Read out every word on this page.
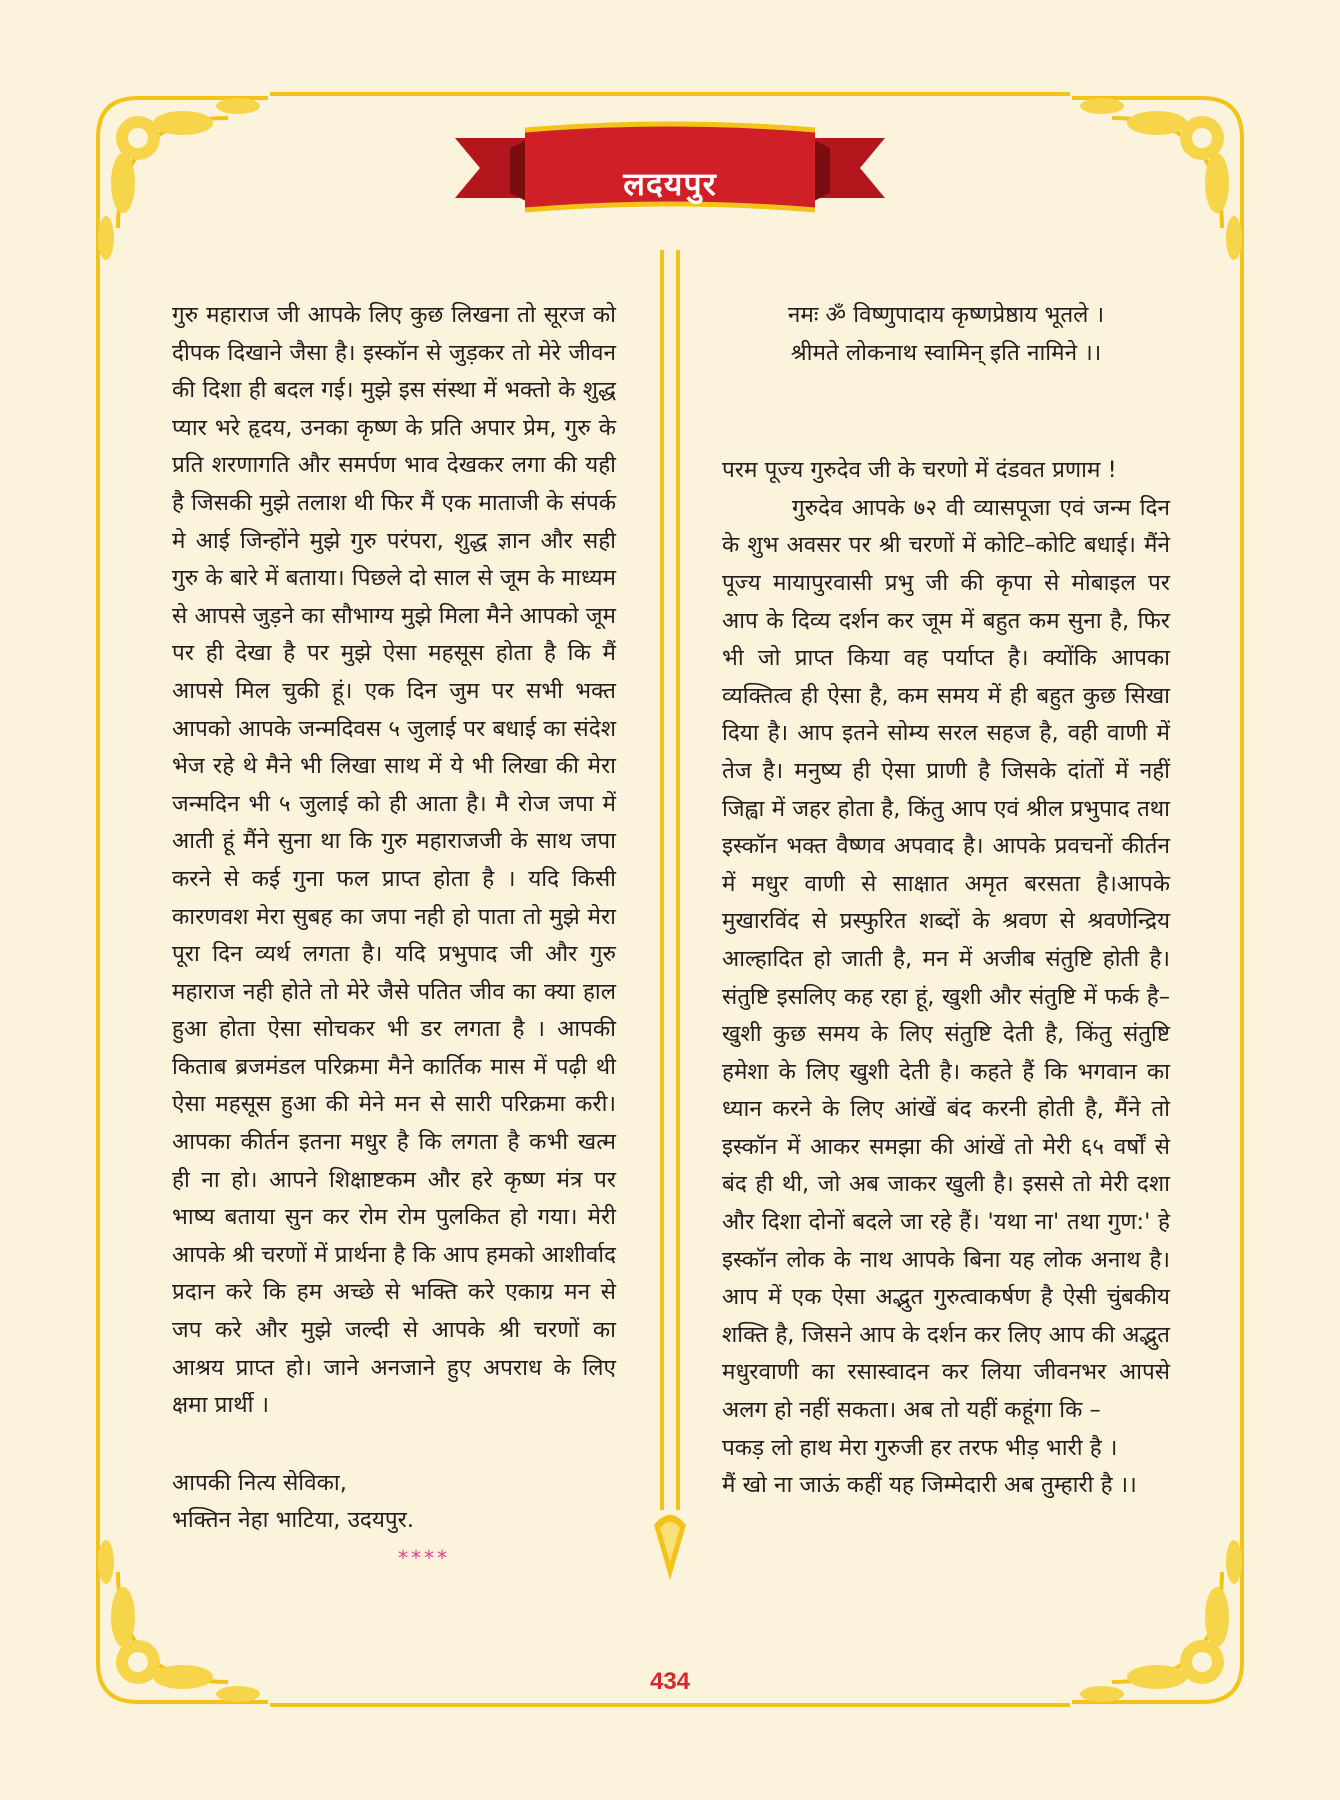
लदयपुर

गुरु महाराज जी आपके लिए कुछ लिखना तो सूरज को दीपक दिखाने जैसा है। इस्कॉन से जुड़कर तो मेरे जीवन की दिशा ही बदल गई। मुझे इस संस्था में भक्तो के शुद्ध प्यार भरे हृदय, उनका कृष्ण के प्रति अपार प्रेम, गुरु के प्रति शरणागति और समर्पण भाव देखकर लगा की यही है जिसकी मुझे तलाश थी फिर मैं एक माताजी के संपर्क मे आई जिन्होंने मुझे गुरु परंपरा, शुद्ध ज्ञान और सही गुरु के बारे में बताया। पिछले दो साल से जूम के माध्यम से आपसे जुड़ने का सौभाग्य मुझे मिला मैने आपको जूम पर ही देखा है पर मुझे ऐसा महसूस होता है कि मैं आपसे मिल चुकी हूं। एक दिन जुम पर सभी भक्त आपको आपके जन्मदिवस ५ जुलाई पर बधाई का संदेश भेज रहे थे मैने भी लिखा साथ में ये भी लिखा की मेरा जन्मदिन भी ५ जुलाई को ही आता है। मै रोज जपा में आती हूं मैंने सुना था कि गुरु महाराजजी के साथ जपा करने से कई गुना फल प्राप्त होता है । यदि किसी कारणवश मेरा सुबह का जपा नही हो पाता तो मुझे मेरा पूरा दिन व्यर्थ लगता है। यदि प्रभुपाद जी और गुरु महाराज नही होते तो मेरे जैसे पतित जीव का क्या हाल हुआ होता ऐसा सोचकर भी डर लगता है । आपकी किताब ब्रजमंडल परिक्रमा मैने कार्तिक मास में पढ़ी थी ऐसा महसूस हुआ की मेने मन से सारी परिक्रमा करी। आपका कीर्तन इतना मधुर है कि लगता है कभी खत्म ही ना हो। आपने शिक्षाष्टकम और हरे कृष्ण मंत्र पर भाष्य बताया सुन कर रोम रोम पुलकित हो गया। मेरी आपके श्री चरणों में प्रार्थना है कि आप हमको आशीर्वाद प्रदान करे कि हम अच्छे से भक्ति करे एकाग्र मन से जप करे और मुझे जल्दी से आपके श्री चरणों का आश्रय प्राप्त हो। जाने अनजाने हुए अपराध के लिए क्षमा प्रार्थी ।

आपकी नित्य सेविका,

भक्तिन नेहा भाटिया, उदयपुर.

****

नमः ॐ विष्णुपादाय कृष्णप्रेष्ठाय भूतले ।

श्रीमते लोकनाथ स्वामिन् इति नामिने ।।

परम पूज्य गुरुदेव जी के चरणो में दंडवत प्रणाम !

गुरुदेव आपके ७२ वी व्यासपूजा एवं जन्म दिन के शुभ अवसर पर श्री चरणों में कोटि–कोटि बधाई। मैंने पूज्य मायापुरवासी प्रभु जी की कृपा से मोबाइल पर आप के दिव्य दर्शन कर जूम में बहुत कम सुना है, फिर भी जो प्राप्त किया वह पर्याप्त है। क्योंकि आपका व्यक्तित्व ही ऐसा है, कम समय में ही बहुत कुछ सिखा दिया है। आप इतने सोम्य सरल सहज है, वही वाणी में तेज है। मनुष्य ही ऐसा प्राणी है जिसके दांतों में नहीं जिह्वा में जहर होता है, किंतु आप एवं श्रील प्रभुपाद तथा इस्कॉन भक्त वैष्णव अपवाद है। आपके प्रवचनों कीर्तन में मधुर वाणी से साक्षात अमृत बरसता है।आपके मुखारविंद से प्रस्फुरित शब्दों के श्रवण से श्रवणेन्द्रिय आल्हादित हो जाती है, मन में अजीब संतुष्टि होती है। संतुष्टि इसलिए कह रहा हूं, खुशी और संतुष्टि में फर्क है– खुशी कुछ समय के लिए संतुष्टि देती है, किंतु संतुष्टि हमेशा के लिए खुशी देती है। कहते हैं कि भगवान का ध्यान करने के लिए आंखें बंद करनी होती है, मैंने तो इस्कॉन में आकर समझा की आंखें तो मेरी ६५ वर्षों से बंद ही थी, जो अब जाकर खुली है। इससे तो मेरी दशा और दिशा दोनों बदले जा रहे हैं। 'यथा ना' तथा गुण:' हे इस्कॉन लोक के नाथ आपके बिना यह लोक अनाथ है। आप में एक ऐसा अद्भुत गुरुत्वाकर्षण है ऐसी चुंबकीय शक्ति है, जिसने आप के दर्शन कर लिए आप की अद्भुत मधुरवाणी का रसास्वादन कर लिया जीवनभर आपसे अलग हो नहीं सकता। अब तो यहीं कहूंगा कि –

पकड़ लो हाथ मेरा गुरुजी हर तरफ भीड़ भारी है ।

मैं खो ना जाऊं कहीं यह जिम्मेदारी अब तुम्हारी है ।।

434
